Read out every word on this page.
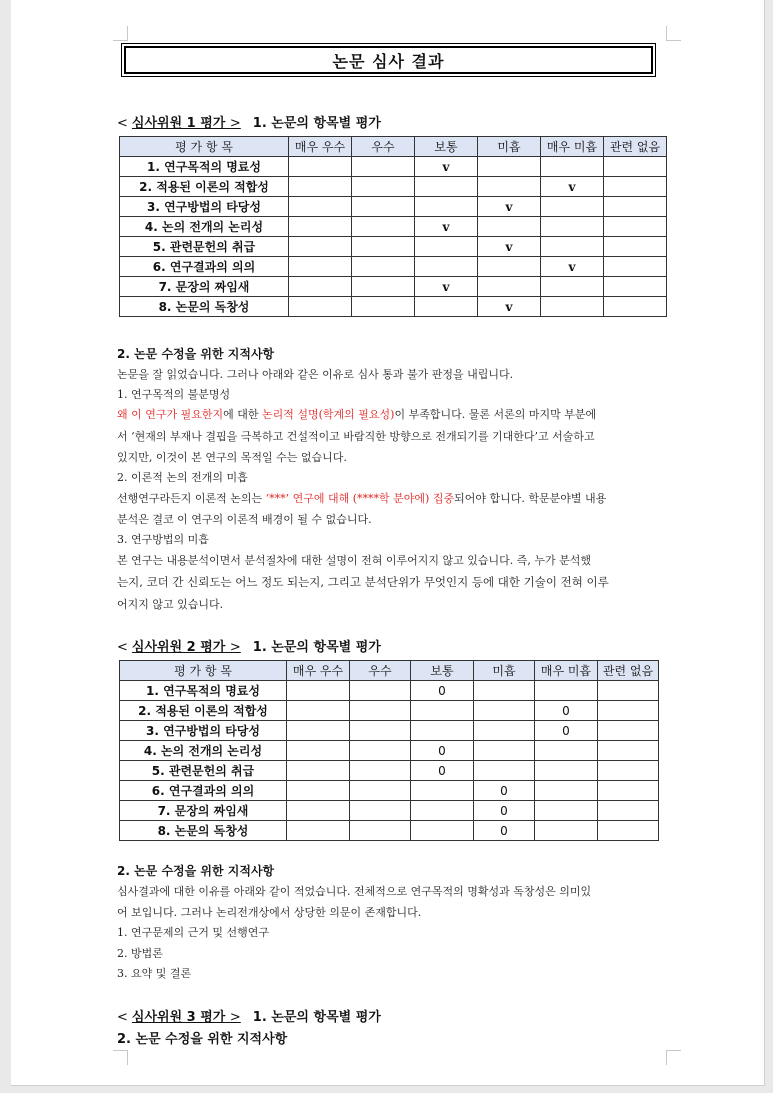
논문 심사 결과
< 심사위원 1 평가 > 1. 논문의 항목별 평가
평 가 항 목	매우 우수	우수	보통	미흡	매우 미흡	관련 없음
1. 연구목적의 명료성			v			
2. 적용된 이론의 적합성					v	
3. 연구방법의 타당성				v		
4. 논의 전개의 논리성			v			
5. 관련문헌의 취급				v		
6. 연구결과의 의의					v	
7. 문장의 짜임새			v			
8. 논문의 독창성				v		
2. 논문 수정을 위한 지적사항
논문을 잘 읽었습니다. 그러나 아래와 같은 이유로 심사 통과 불가 판정을 내립니다.
1. 연구목적의 불분명성
왜 이 연구가 필요한지에 대한 논리적 설명(학계의 필요성)이 부족합니다. 물론 서론의 마지막 부분에
서 ‘현재의 부재나 결핍을 극복하고 건설적이고 바람직한 방향으로 전개되기를 기대한다’고 서술하고
있지만, 이것이 본 연구의 목적일 수는 없습니다.
2. 이론적 논의 전개의 미흡
선행연구라든지 이론적 논의는 ‘***’ 연구에 대해 (****학 분야에) 집중되어야 합니다. 학문분야별 내용
분석은 결코 이 연구의 이론적 배경이 될 수 없습니다.
3. 연구방법의 미흡
본 연구는 내용분석이면서 분석절차에 대한 설명이 전혀 이루어지지 않고 있습니다. 즉, 누가 분석했
는지, 코더 간 신뢰도는 어느 정도 되는지, 그리고 분석단위가 무엇인지 등에 대한 기술이 전혀 이루
어지지 않고 있습니다.
< 심사위원 2 평가 > 1. 논문의 항목별 평가
평 가 항 목	매우 우수	우수	보통	미흡	매우 미흡	관련 없음
1. 연구목적의 명료성			0			
2. 적용된 이론의 적합성					0	
3. 연구방법의 타당성					0	
4. 논의 전개의 논리성			0			
5. 관련문헌의 취급			0			
6. 연구결과의 의의				0		
7. 문장의 짜임새				0		
8. 논문의 독창성				0		
2. 논문 수정을 위한 지적사항
심사결과에 대한 이유를 아래와 같이 적었습니다. 전체적으로 연구목적의 명확성과 독창성은 의미있
어 보입니다. 그러나 논리전개상에서 상당한 의문이 존재합니다.
1. 연구문제의 근거 및 선행연구
2. 방법론
3. 요약 및 결론
< 심사위원 3 평가 > 1. 논문의 항목별 평가
2. 논문 수정을 위한 지적사항
